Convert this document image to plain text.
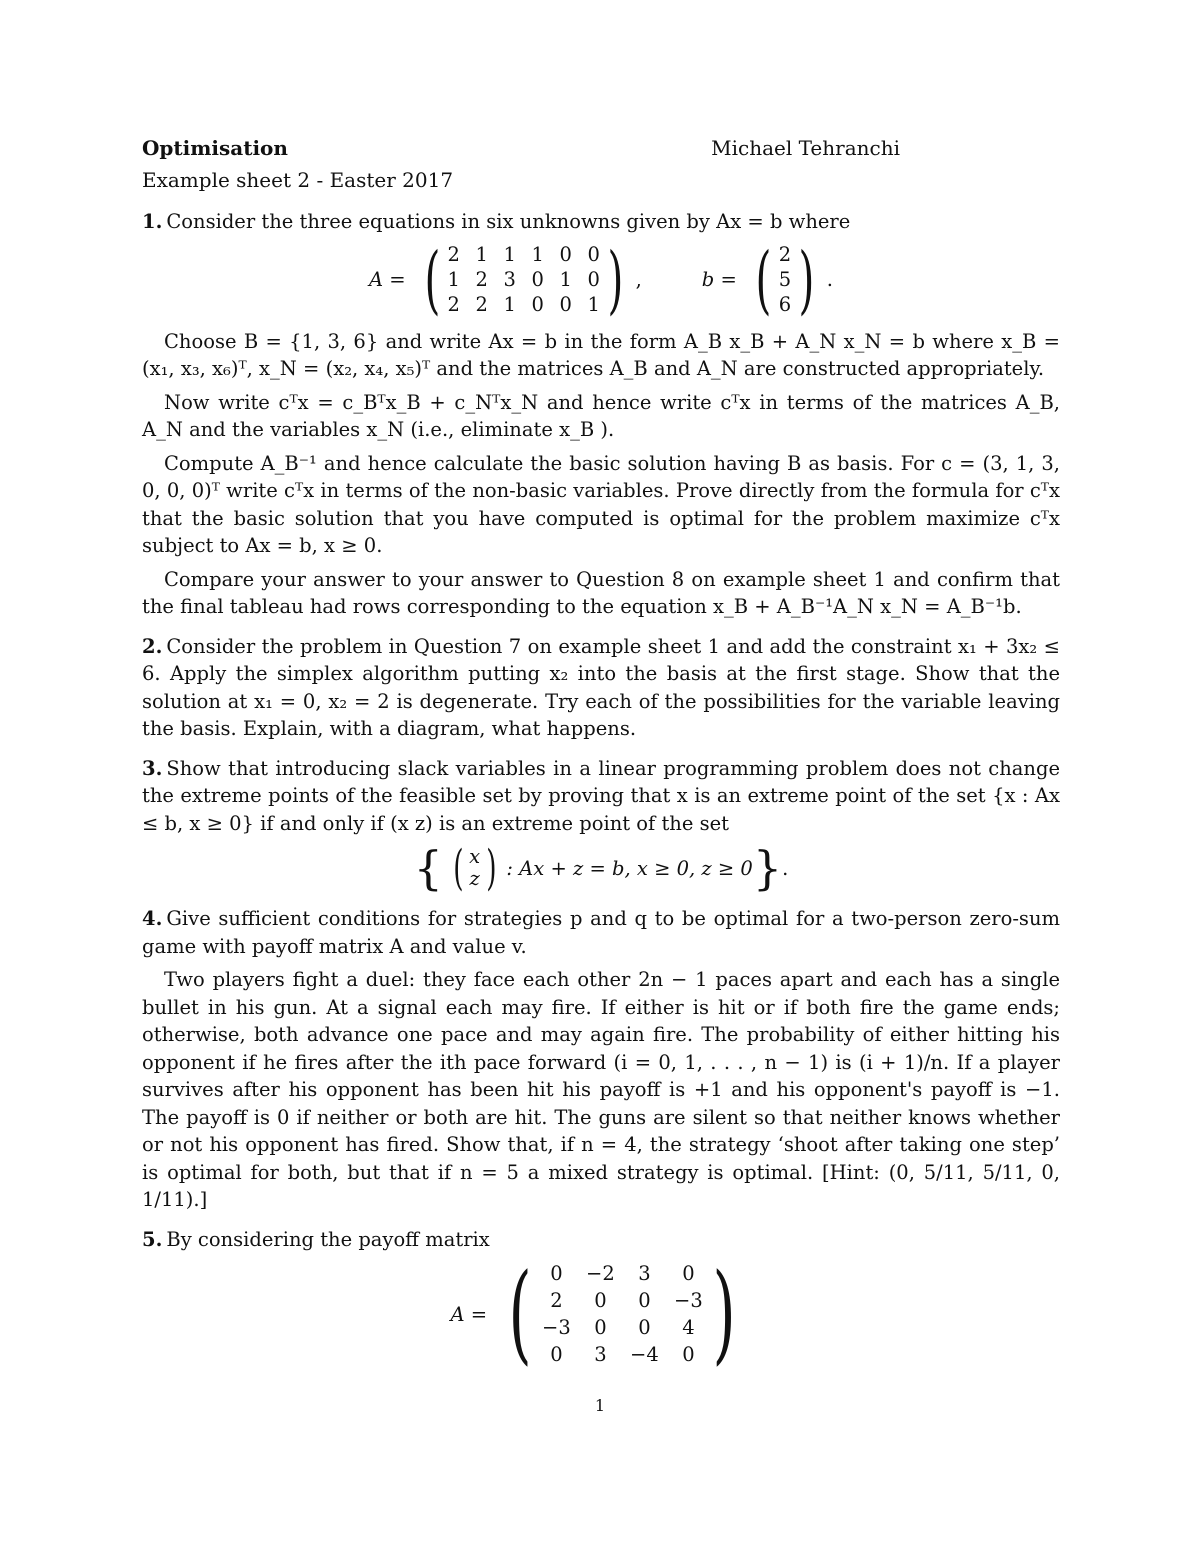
Optimisation	Michael Tehranchi
Example sheet 2 - Easter 2017

1. Consider the three equations in six unknowns given by Ax = b where

A = ( 2 1 1 1 0 0
1 2 3 0 1 0
2 2 1 0 0 1 ) ,	b = ( 2
5
6 ) .

Choose B = {1, 3, 6} and write Ax = b in the form A_B x_B + A_N x_N = b where x_B = (x₁, x₃, x₆)ᵀ, x_N = (x₂, x₄, x₅)ᵀ and the matrices A_B and A_N are constructed appropriately.

Now write cᵀx = c_Bᵀx_B + c_Nᵀx_N and hence write cᵀx in terms of the matrices A_B, A_N and the variables x_N (i.e., eliminate x_B ).

Compute A_B⁻¹ and hence calculate the basic solution having B as basis. For c = (3, 1, 3, 0, 0, 0)ᵀ write cᵀx in terms of the non-basic variables. Prove directly from the formula for cᵀx that the basic solution that you have computed is optimal for the problem maximize cᵀx subject to Ax = b, x ≥ 0.

Compare your answer to your answer to Question 8 on example sheet 1 and confirm that the final tableau had rows corresponding to the equation x_B + A_B⁻¹A_N x_N = A_B⁻¹b.

2. Consider the problem in Question 7 on example sheet 1 and add the constraint x₁ + 3x₂ ≤ 6. Apply the simplex algorithm putting x₂ into the basis at the first stage. Show that the solution at x₁ = 0, x₂ = 2 is degenerate. Try each of the possibilities for the variable leaving the basis. Explain, with a diagram, what happens.

3. Show that introducing slack variables in a linear programming problem does not change the extreme points of the feasible set by proving that x is an extreme point of the set {x : Ax ≤ b, x ≥ 0} if and only if (x z) is an extreme point of the set

{ ( x
z ) : Ax + z = b, x ≥ 0, z ≥ 0 } .

4. Give sufficient conditions for strategies p and q to be optimal for a two-person zero-sum game with payoff matrix A and value v.

Two players fight a duel: they face each other 2n − 1 paces apart and each has a single bullet in his gun. At a signal each may fire. If either is hit or if both fire the game ends; otherwise, both advance one pace and may again fire. The probability of either hitting his opponent if he fires after the ith pace forward (i = 0, 1, . . . , n − 1) is (i + 1)/n. If a player survives after his opponent has been hit his payoff is +1 and his opponent's payoff is −1. The payoff is 0 if neither or both are hit. The guns are silent so that neither knows whether or not his opponent has fired. Show that, if n = 4, the strategy ‘shoot after taking one step’ is optimal for both, but that if n = 5 a mixed strategy is optimal. [Hint: (0, 5/11, 5/11, 0, 1/11).]

5. By considering the payoff matrix

A = ( 0	−2	3	0
2	0	0	−3
−3	0	0	4
0	3	−4	0 )
1
